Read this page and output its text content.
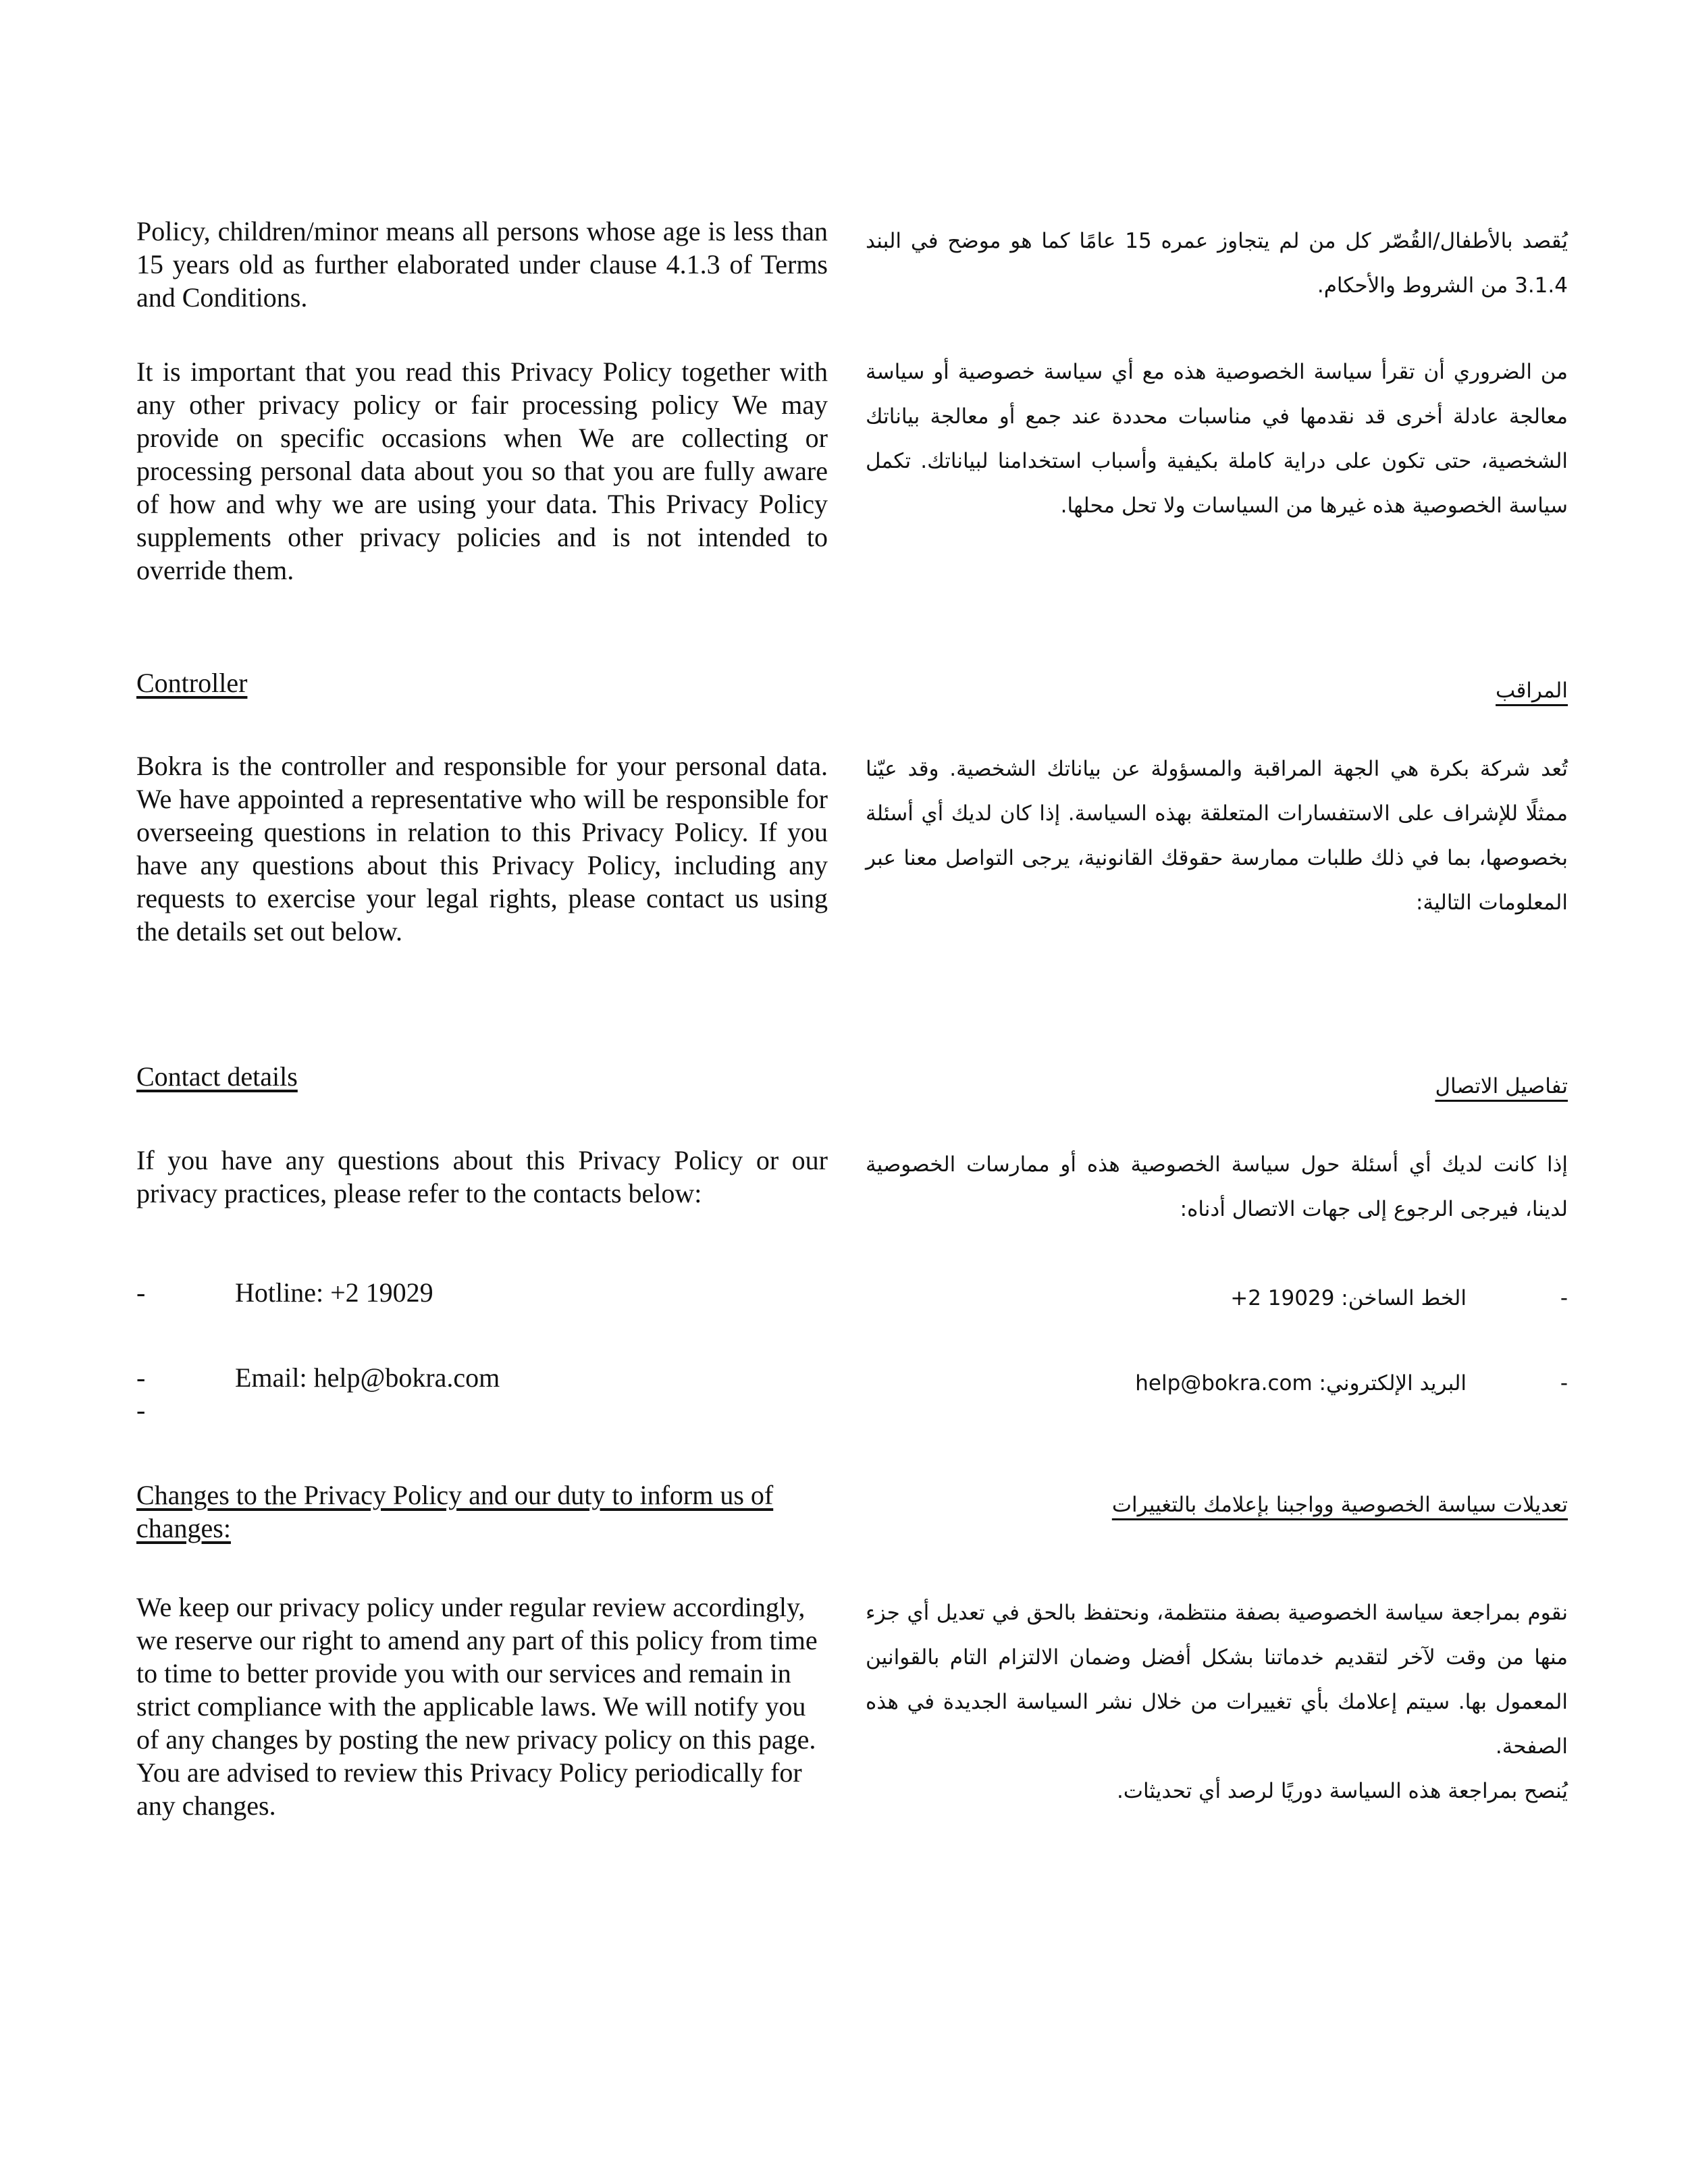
Policy, children/minor means all persons whose age is less than 15 years old as further elaborated under clause 4.1.3 of Terms and Conditions.
يُقصد بالأطفال/القُصّر كل من لم يتجاوز عمره 15 عامًا كما هو موضح في البند 3.1.4 من الشروط والأحكام.
It is important that you read this Privacy Policy together with any other privacy policy or fair processing policy We may provide on specific occasions when We are collecting or processing personal data about you so that you are fully aware of how and why we are using your data. This Privacy Policy supplements other privacy policies and is not intended to override them.
من الضروري أن تقرأ سياسة الخصوصية هذه مع أي سياسة خصوصية أو سياسة معالجة عادلة أخرى قد نقدمها في مناسبات محددة عند جمع أو معالجة بياناتك الشخصية، حتى تكون على دراية كاملة بكيفية وأسباب استخدامنا لبياناتك. تكمل سياسة الخصوصية هذه غيرها من السياسات ولا تحل محلها.
Controller	المراقب
Bokra is the controller and responsible for your personal data. We have appointed a representative who will be responsible for overseeing questions in relation to this Privacy Policy. If you have any questions about this Privacy Policy, including any requests to exercise your legal rights, please contact us using the details set out below.
تُعد شركة بكرة هي الجهة المراقبة والمسؤولة عن بياناتك الشخصية. وقد عيّنا ممثلًا للإشراف على الاستفسارات المتعلقة بهذه السياسة. إذا كان لديك أي أسئلة بخصوصها، بما في ذلك طلبات ممارسة حقوقك القانونية، يرجى التواصل معنا عبر المعلومات التالية:
Contact details	تفاصيل الاتصال
If you have any questions about this Privacy Policy or our privacy practices, please refer to the contacts below:
إذا كانت لديك أي أسئلة حول سياسة الخصوصية هذه أو ممارسات الخصوصية لدينا، فيرجى الرجوع إلى جهات الاتصال أدناه:
-	Hotline: +2 19029
-	Email: help@bokra.com
-
-
الخط الساخن: +2 19029
-
البريد الإلكتروني: help@bokra.com
Changes to the Privacy Policy and our duty to inform us of changes:
تعديلات سياسة الخصوصية وواجبنا بإعلامك بالتغييرات
We keep our privacy policy under regular review accordingly, we reserve our right to amend any part of this policy from time to time to better provide you with our services and remain in strict compliance with the applicable laws. We will notify you of any changes by posting the new privacy policy on this page. You are advised to review this Privacy Policy periodically for any changes.
نقوم بمراجعة سياسة الخصوصية بصفة منتظمة، ونحتفظ بالحق في تعديل أي جزء منها من وقت لآخر لتقديم خدماتنا بشكل أفضل وضمان الالتزام التام بالقوانين المعمول بها. سيتم إعلامك بأي تغييرات من خلال نشر السياسة الجديدة في هذه الصفحة.
يُنصح بمراجعة هذه السياسة دوريًا لرصد أي تحديثات.
